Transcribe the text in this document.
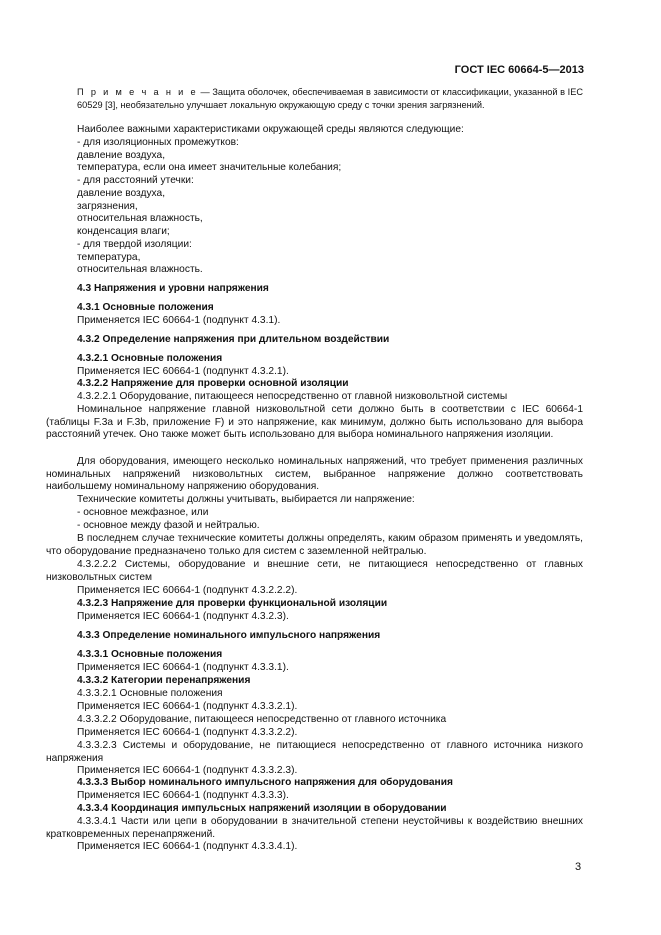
ГОСТ IEC 60664-5—2013
П р и м е ч а н и е — Защита оболочек, обеспечиваемая в зависимости от классификации, указанной в IEC 60529 [3], необязательно улучшает локальную окружающую среду с точки зрения загрязнений.
Наиболее важными характеристиками окружающей среды являются следующие:
- для изоляционных промежутков:
давление воздуха,
температура, если она имеет значительные колебания;
- для расстояний утечки:
давление воздуха,
загрязнения,
относительная влажность,
конденсация влаги;
- для твердой изоляции:
температура,
относительная влажность.
4.3 Напряжения и уровни напряжения
4.3.1 Основные положения
Применяется IEC 60664-1 (подпункт 4.3.1).
4.3.2 Определение напряжения при длительном воздействии
4.3.2.1 Основные положения
Применяется IEC 60664-1 (подпункт 4.3.2.1).
4.3.2.2 Напряжение для проверки основной изоляции
4.3.2.2.1 Оборудование, питающееся непосредственно от главной низковольтной системы
Номинальное напряжение главной низковольтной сети должно быть в соответствии с IEC 60664-1 (таблицы F.3a и F.3b, приложение F) и это напряжение, как минимум, должно быть использовано для выбора расстояний утечек. Оно также может быть использовано для выбора номинального напряжения изоляции.
Для оборудования, имеющего несколько номинальных напряжений, что требует применения различных номинальных напряжений низковольтных систем, выбранное напряжение должно соответствовать наибольшему номинальному напряжению оборудования.
Технические комитеты должны учитывать, выбирается ли напряжение:
- основное межфазное, или
- основное между фазой и нейтралью.
В последнем случае технические комитеты должны определять, каким образом применять и уведомлять, что оборудование предназначено только для систем с заземленной нейтралью.
4.3.2.2.2 Системы, оборудование и внешние сети, не питающиеся непосредственно от главных низковольтных систем
Применяется IEC 60664-1 (подпункт 4.3.2.2.2).
4.3.2.3 Напряжение для проверки функциональной изоляции
Применяется IEC 60664-1 (подпункт 4.3.2.3).
4.3.3 Определение номинального импульсного напряжения
4.3.3.1 Основные положения
Применяется IEC 60664-1 (подпункт 4.3.3.1).
4.3.3.2 Категории перенапряжения
4.3.3.2.1 Основные положения
Применяется IEC 60664-1 (подпункт 4.3.3.2.1).
4.3.3.2.2 Оборудование, питающееся непосредственно от главного источника
Применяется IEC 60664-1 (подпункт 4.3.3.2.2).
4.3.3.2.3 Системы и оборудование, не питающиеся непосредственно от главного источника низкого напряжения
Применяется IEC 60664-1 (подпункт 4.3.3.2.3).
4.3.3.3 Выбор номинального импульсного напряжения для оборудования
Применяется IEC 60664-1 (подпункт 4.3.3.3).
4.3.3.4 Координация импульсных напряжений изоляции в оборудовании
4.3.3.4.1 Части или цепи в оборудовании в значительной степени неустойчивы к воздействию внешних кратковременных перенапряжений.
Применяется IEC 60664-1 (подпункт 4.3.3.4.1).
3
